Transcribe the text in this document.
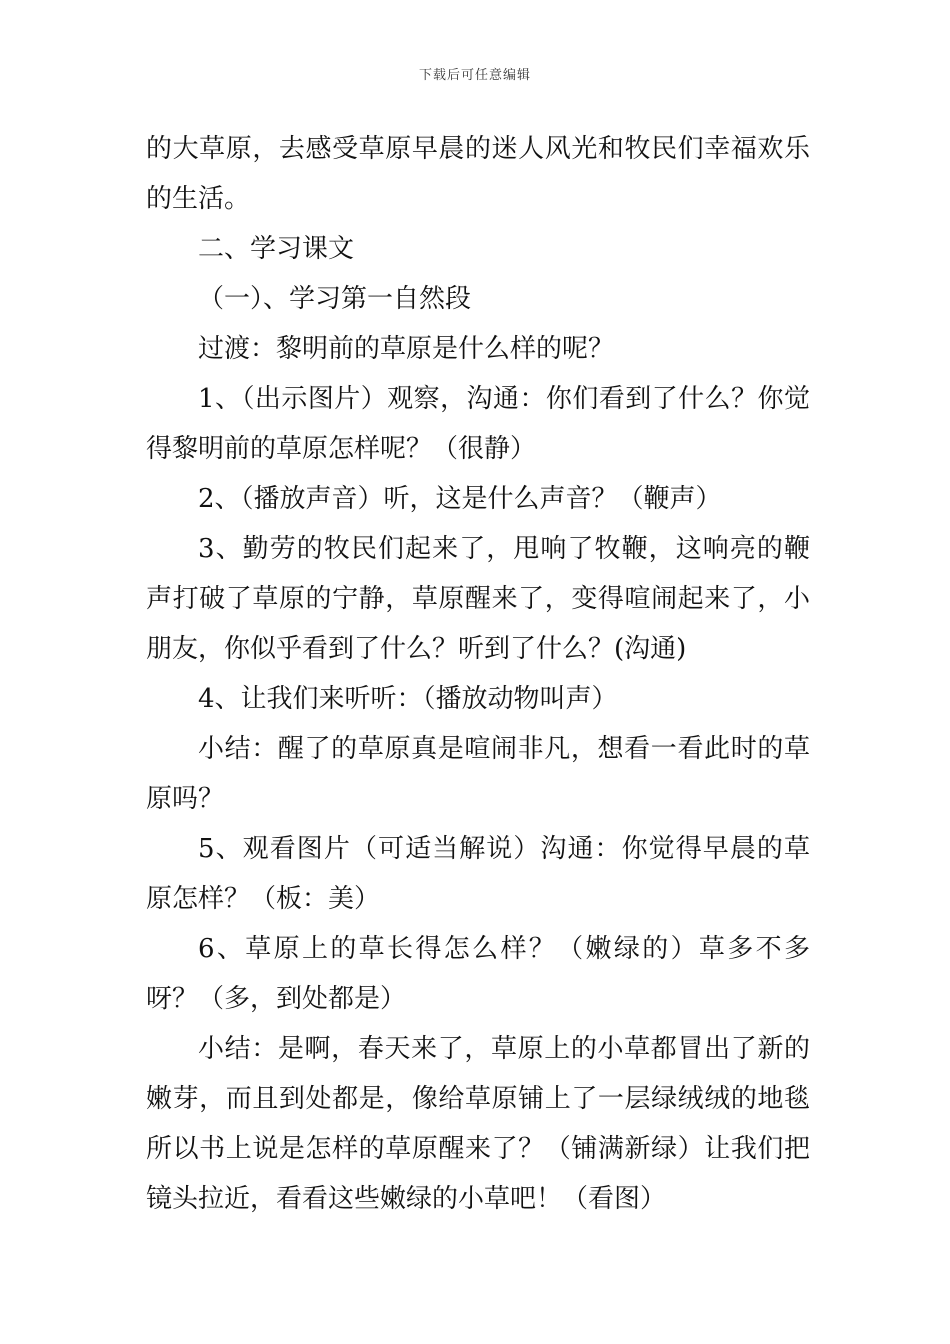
下载后可任意编辑

的大草原，去感受草原早晨的迷人风光和牧民们幸福欢乐的生活。

二、学习课文

（一）、学习第一自然段

过渡：黎明前的草原是什么样的呢？

1、（出示图片）观察，沟通：你们看到了什么？你觉得黎明前的草原怎样呢？（很静）

2、（播放声音）听，这是什么声音？（鞭声）

3、勤劳的牧民们起来了，甩响了牧鞭，这响亮的鞭声打破了草原的宁静，草原醒来了，变得喧闹起来了，小朋友，你似乎看到了什么？听到了什么？(沟通)

4、让我们来听听：（播放动物叫声）

小结：醒了的草原真是喧闹非凡，想看一看此时的草原吗？

5、观看图片（可适当解说）沟通：你觉得早晨的草原怎样？（板：美）

6、草原上的草长得怎么样？（嫩绿的）草多不多呀？（多，到处都是）

小结：是啊，春天来了，草原上的小草都冒出了新的嫩芽，而且到处都是，像给草原铺上了一层绿绒绒的地毯所以书上说是怎样的草原醒来了？（铺满新绿）让我们把镜头拉近，看看这些嫩绿的小草吧！（看图）
